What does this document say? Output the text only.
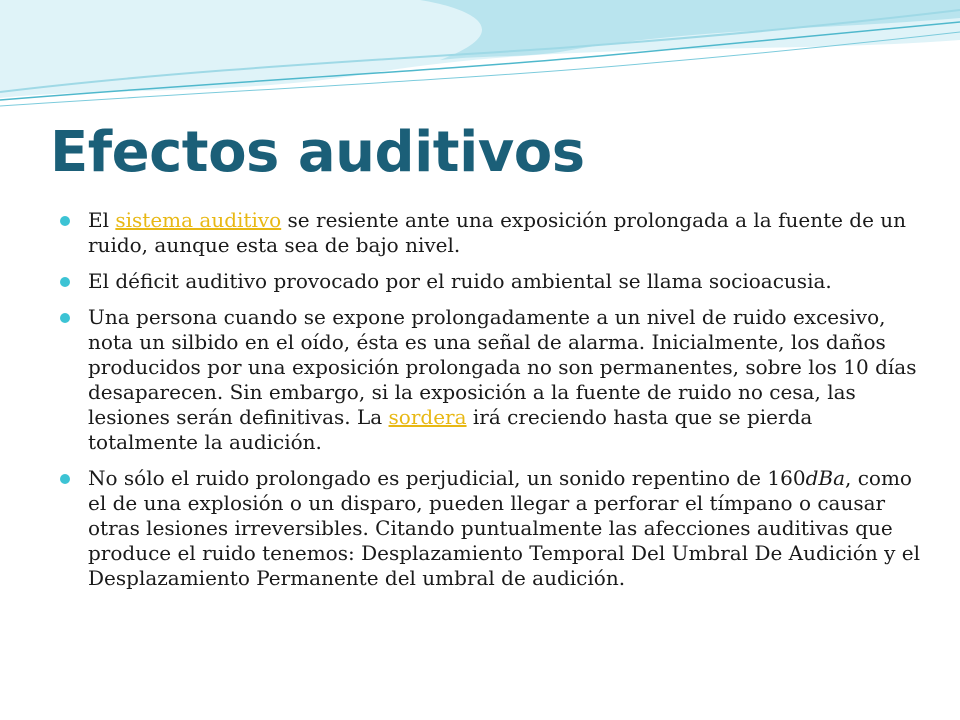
Efectos auditivos
El sistema auditivo se resiente ante una exposición prolongada a la fuente de un ruido, aunque esta sea de bajo nivel.
El déficit auditivo provocado por el ruido ambiental se llama socioacusia.
Una persona cuando se expone prolongadamente a un nivel de ruido excesivo, nota un silbido en el oído, ésta es una señal de alarma. Inicialmente, los daños producidos por una exposición prolongada no son permanentes, sobre los 10 días desaparecen. Sin embargo, si la exposición a la fuente de ruido no cesa, las lesiones serán definitivas. La sordera irá creciendo hasta que se pierda totalmente la audición.
No sólo el ruido prolongado es perjudicial, un sonido repentino de 160dBa, como el de una explosión o un disparo, pueden llegar a perforar el tímpano o causar otras lesiones irreversibles. Citando puntualmente las afecciones auditivas que produce el ruido tenemos: Desplazamiento Temporal Del Umbral De Audición y el Desplazamiento Permanente del umbral de audición.
